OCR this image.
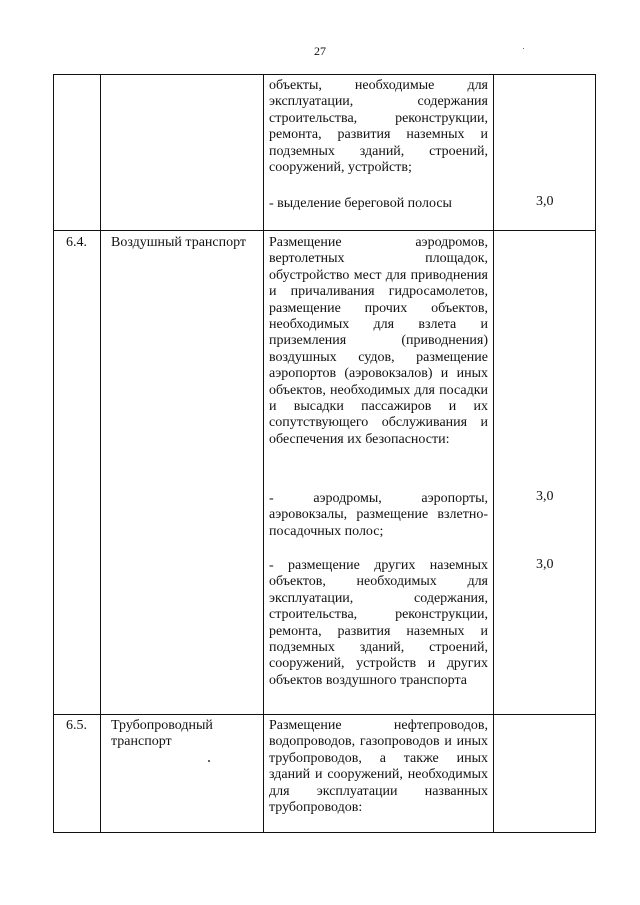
27
объекты, необходимые для эксплуатации, содержания строительства, реконструкции, ремонта, развития наземных и подземных зданий, строений, сооружений, устройств;
- выделение береговой полосы	3,0
6.4. Воздушный транспорт	Размещение аэродромов, вертолетных площадок, обустройство мест для приводнения и причаливания гидросамолетов, размещение прочих объектов, необходимых для взлета и приземления (приводнения) воздушных судов, размещение аэропортов (аэровокзалов) и иных объектов, необходимых для посадки и высадки пассажиров и их сопутствующего обслуживания и обеспечения их безопасности:
- аэродромы, аэропорты, аэровокзалы, размещение взлетно-посадочных полос;
- размещение других наземных объектов, необходимых для эксплуатации, содержания, строительства, реконструкции, ремонта, развития наземных и подземных зданий, строений, сооружений, устройств и других объектов воздушного транспорта
3,0
3,0
6.5. Трубопроводный транспорт
Размещение нефтепроводов, водопроводов, газопроводов и иных трубопроводов, а также иных зданий и сооружений, необходимых для эксплуатации названных трубопроводов:
